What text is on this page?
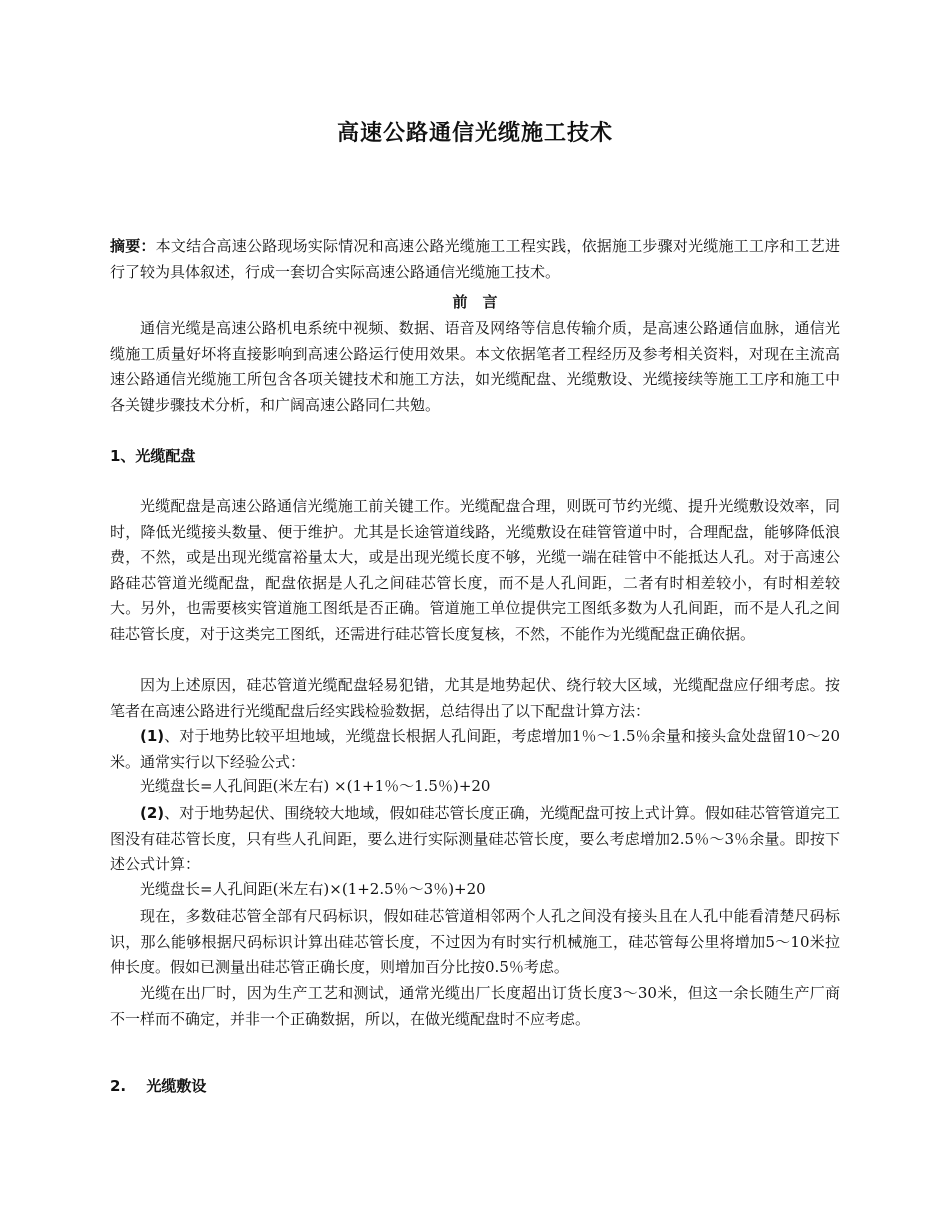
高速公路通信光缆施工技术

摘要：本文结合高速公路现场实际情况和高速公路光缆施工工程实践，依据施工步骤对光缆施工工序和工艺进行了较为具体叙述，行成一套切合实际高速公路通信光缆施工技术。

前　言

通信光缆是高速公路机电系统中视频、数据、语音及网络等信息传输介质，是高速公路通信血脉，通信光缆施工质量好坏将直接影响到高速公路运行使用效果。本文依据笔者工程经历及参考相关资料，对现在主流高速公路通信光缆施工所包含各项关键技术和施工方法，如光缆配盘、光缆敷设、光缆接续等施工工序和施工中各关键步骤技术分析，和广阔高速公路同仁共勉。

1、光缆配盘

光缆配盘是高速公路通信光缆施工前关键工作。光缆配盘合理，则既可节约光缆、提升光缆敷设效率，同时，降低光缆接头数量、便于维护。尤其是长途管道线路，光缆敷设在硅管管道中时，合理配盘，能够降低浪费，不然，或是出现光缆富裕量太大，或是出现光缆长度不够，光缆一端在硅管中不能抵达人孔。对于高速公路硅芯管道光缆配盘，配盘依据是人孔之间硅芯管长度，而不是人孔间距，二者有时相差较小，有时相差较大。另外，也需要核实管道施工图纸是否正确。管道施工单位提供完工图纸多数为人孔间距，而不是人孔之间硅芯管长度，对于这类完工图纸，还需进行硅芯管长度复核，不然，不能作为光缆配盘正确依据。

因为上述原因，硅芯管道光缆配盘轻易犯错，尤其是地势起伏、绕行较大区域，光缆配盘应仔细考虑。按笔者在高速公路进行光缆配盘后经实践检验数据，总结得出了以下配盘计算方法：

(1)、对于地势比较平坦地域，光缆盘长根据人孔间距，考虑增加1％～1.5％余量和接头盒处盘留10～20米。通常实行以下经验公式：

光缆盘长=人孔间距(米左右) ×(1+1％～1.5％)+20

(2)、对于地势起伏、围绕较大地域，假如硅芯管长度正确，光缆配盘可按上式计算。假如硅芯管管道完工图没有硅芯管长度，只有些人孔间距，要么进行实际测量硅芯管长度，要么考虑增加2.5％～3％余量。即按下述公式计算：

光缆盘长=人孔间距(米左右)×(1+2.5％～3％)+20

现在，多数硅芯管全部有尺码标识，假如硅芯管道相邻两个人孔之间没有接头且在人孔中能看清楚尺码标识，那么能够根据尺码标识计算出硅芯管长度，不过因为有时实行机械施工，硅芯管每公里将增加5～10米拉伸长度。假如已测量出硅芯管正确长度，则增加百分比按0.5％考虑。

光缆在出厂时，因为生产工艺和测试，通常光缆出厂长度超出订货长度3～30米，但这一余长随生产厂商不一样而不确定，并非一个正确数据，所以，在做光缆配盘时不应考虑。

2.　 光缆敷设
